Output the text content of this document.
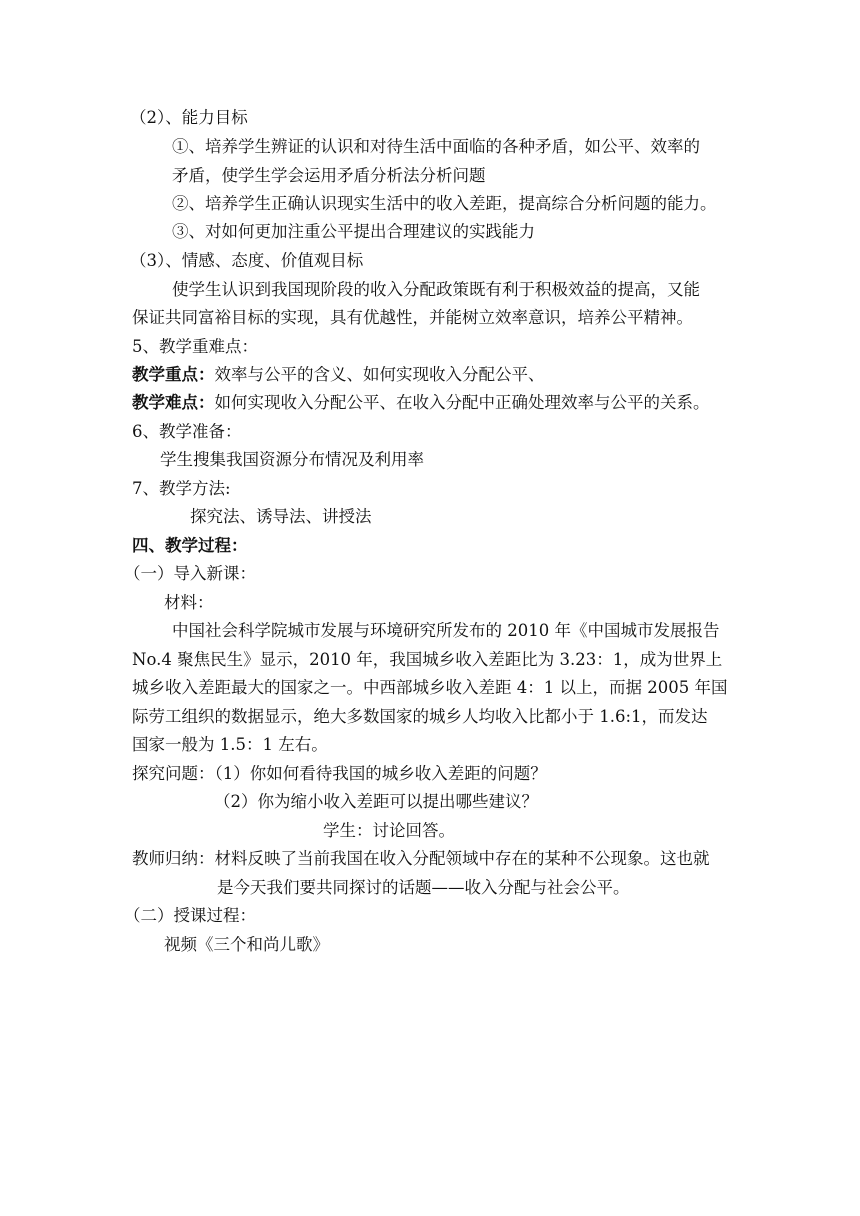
（2）、能力目标
①、培养学生辨证的认识和对待生活中面临的各种矛盾，如公平、效率的
矛盾，使学生学会运用矛盾分析法分析问题
②、培养学生正确认识现实生活中的收入差距，提高综合分析问题的能力。
③、对如何更加注重公平提出合理建议的实践能力
（3）、情感、态度、价值观目标
使学生认识到我国现阶段的收入分配政策既有利于积极效益的提高，又能
保证共同富裕目标的实现，具有优越性，并能树立效率意识，培养公平精神。
5、教学重难点：
教学重点：效率与公平的含义、如何实现收入分配公平、
教学难点：如何实现收入分配公平、在收入分配中正确处理效率与公平的关系。
6、教学准备：
学生搜集我国资源分布情况及利用率
7、教学方法:
探究法、诱导法、讲授法
四、教学过程：
（一）导入新课：
材料：
中国社会科学院城市发展与环境研究所发布的 2010 年《中国城市发展报告
No.4 聚焦民生》显示，2010 年，我国城乡收入差距比为 3.23：1，成为世界上
城乡收入差距最大的国家之一。中西部城乡收入差距 4：1 以上，而据 2005 年国
际劳工组织的数据显示，绝大多数国家的城乡人均收入比都小于 1.6:1，而发达
国家一般为 1.5：1 左右。
探究问题：（1）你如何看待我国的城乡收入差距的问题？
（2）你为缩小收入差距可以提出哪些建议？
学生：讨论回答。
教师归纳：材料反映了当前我国在收入分配领域中存在的某种不公现象。这也就
是今天我们要共同探讨的话题——收入分配与社会公平。
（二）授课过程：
视频《三个和尚儿歌》
